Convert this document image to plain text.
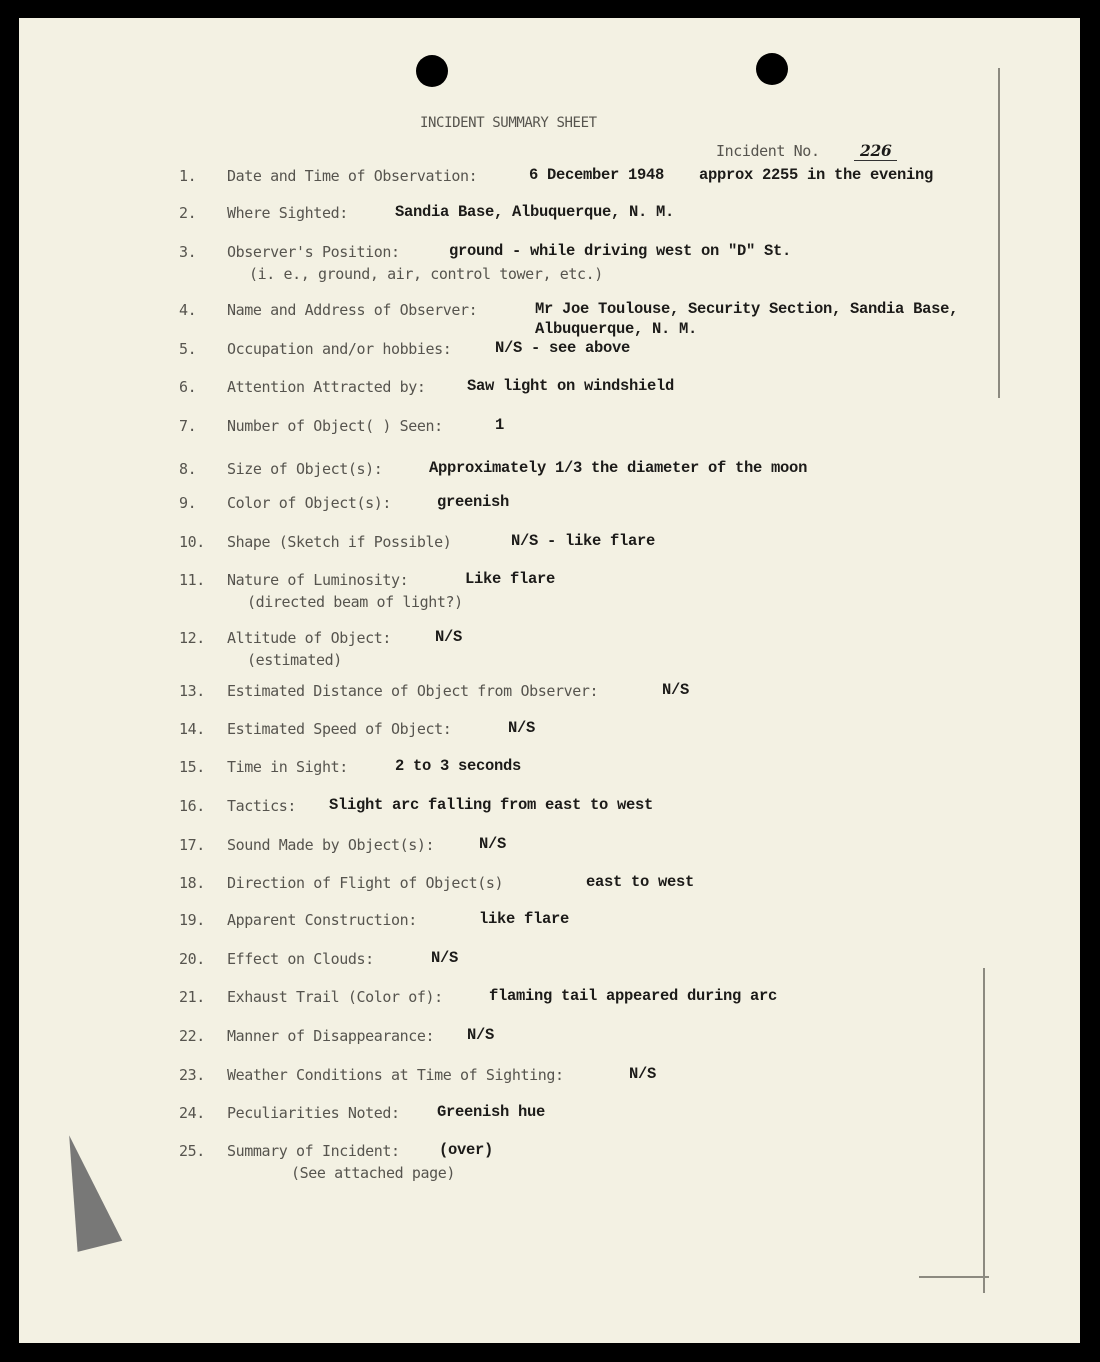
INCIDENT SUMMARY SHEET
Incident No.	226
1. Date and Time of Observation:	6 December 1948 approx 2255 in the evening
2. Where Sighted:	Sandia Base, Albuquerque, N. M.
3. Observer's Position:	ground - while driving west on "D" St.
(i. e., ground, air, control tower, etc.)
4. Name and Address of Observer:	Mr Joe Toulouse, Security Section, Sandia Base,
Albuquerque, N. M.
5. Occupation and/or hobbies:	N/S - see above
6. Attention Attracted by:	Saw light on windshield
7. Number of Object( ) Seen:	1
8. Size of Object(s):	Approximately 1/3 the diameter of the moon
9. Color of Object(s):	greenish
10. Shape (Sketch if Possible)	N/S - like flare
11. Nature of Luminosity:	Like flare
(directed beam of light?)
12. Altitude of Object:	N/S
(estimated)
13. Estimated Distance of Object from Observer:	N/S
14. Estimated Speed of Object:	N/S
15. Time in Sight:	2 to 3 seconds
16. Tactics: Slight arc falling from east to west
17. Sound Made by Object(s):	N/S
18. Direction of Flight of Object(s)	east to west
19. Apparent Construction:	like flare
20. Effect on Clouds:	N/S
21. Exhaust Trail (Color of):	flaming tail appeared during arc
22. Manner of Disappearance: N/S
23. Weather Conditions at Time of Sighting:	N/S
24. Peculiarities Noted: Greenish hue
25. Summary of Incident:	(over)
(See attached page)
